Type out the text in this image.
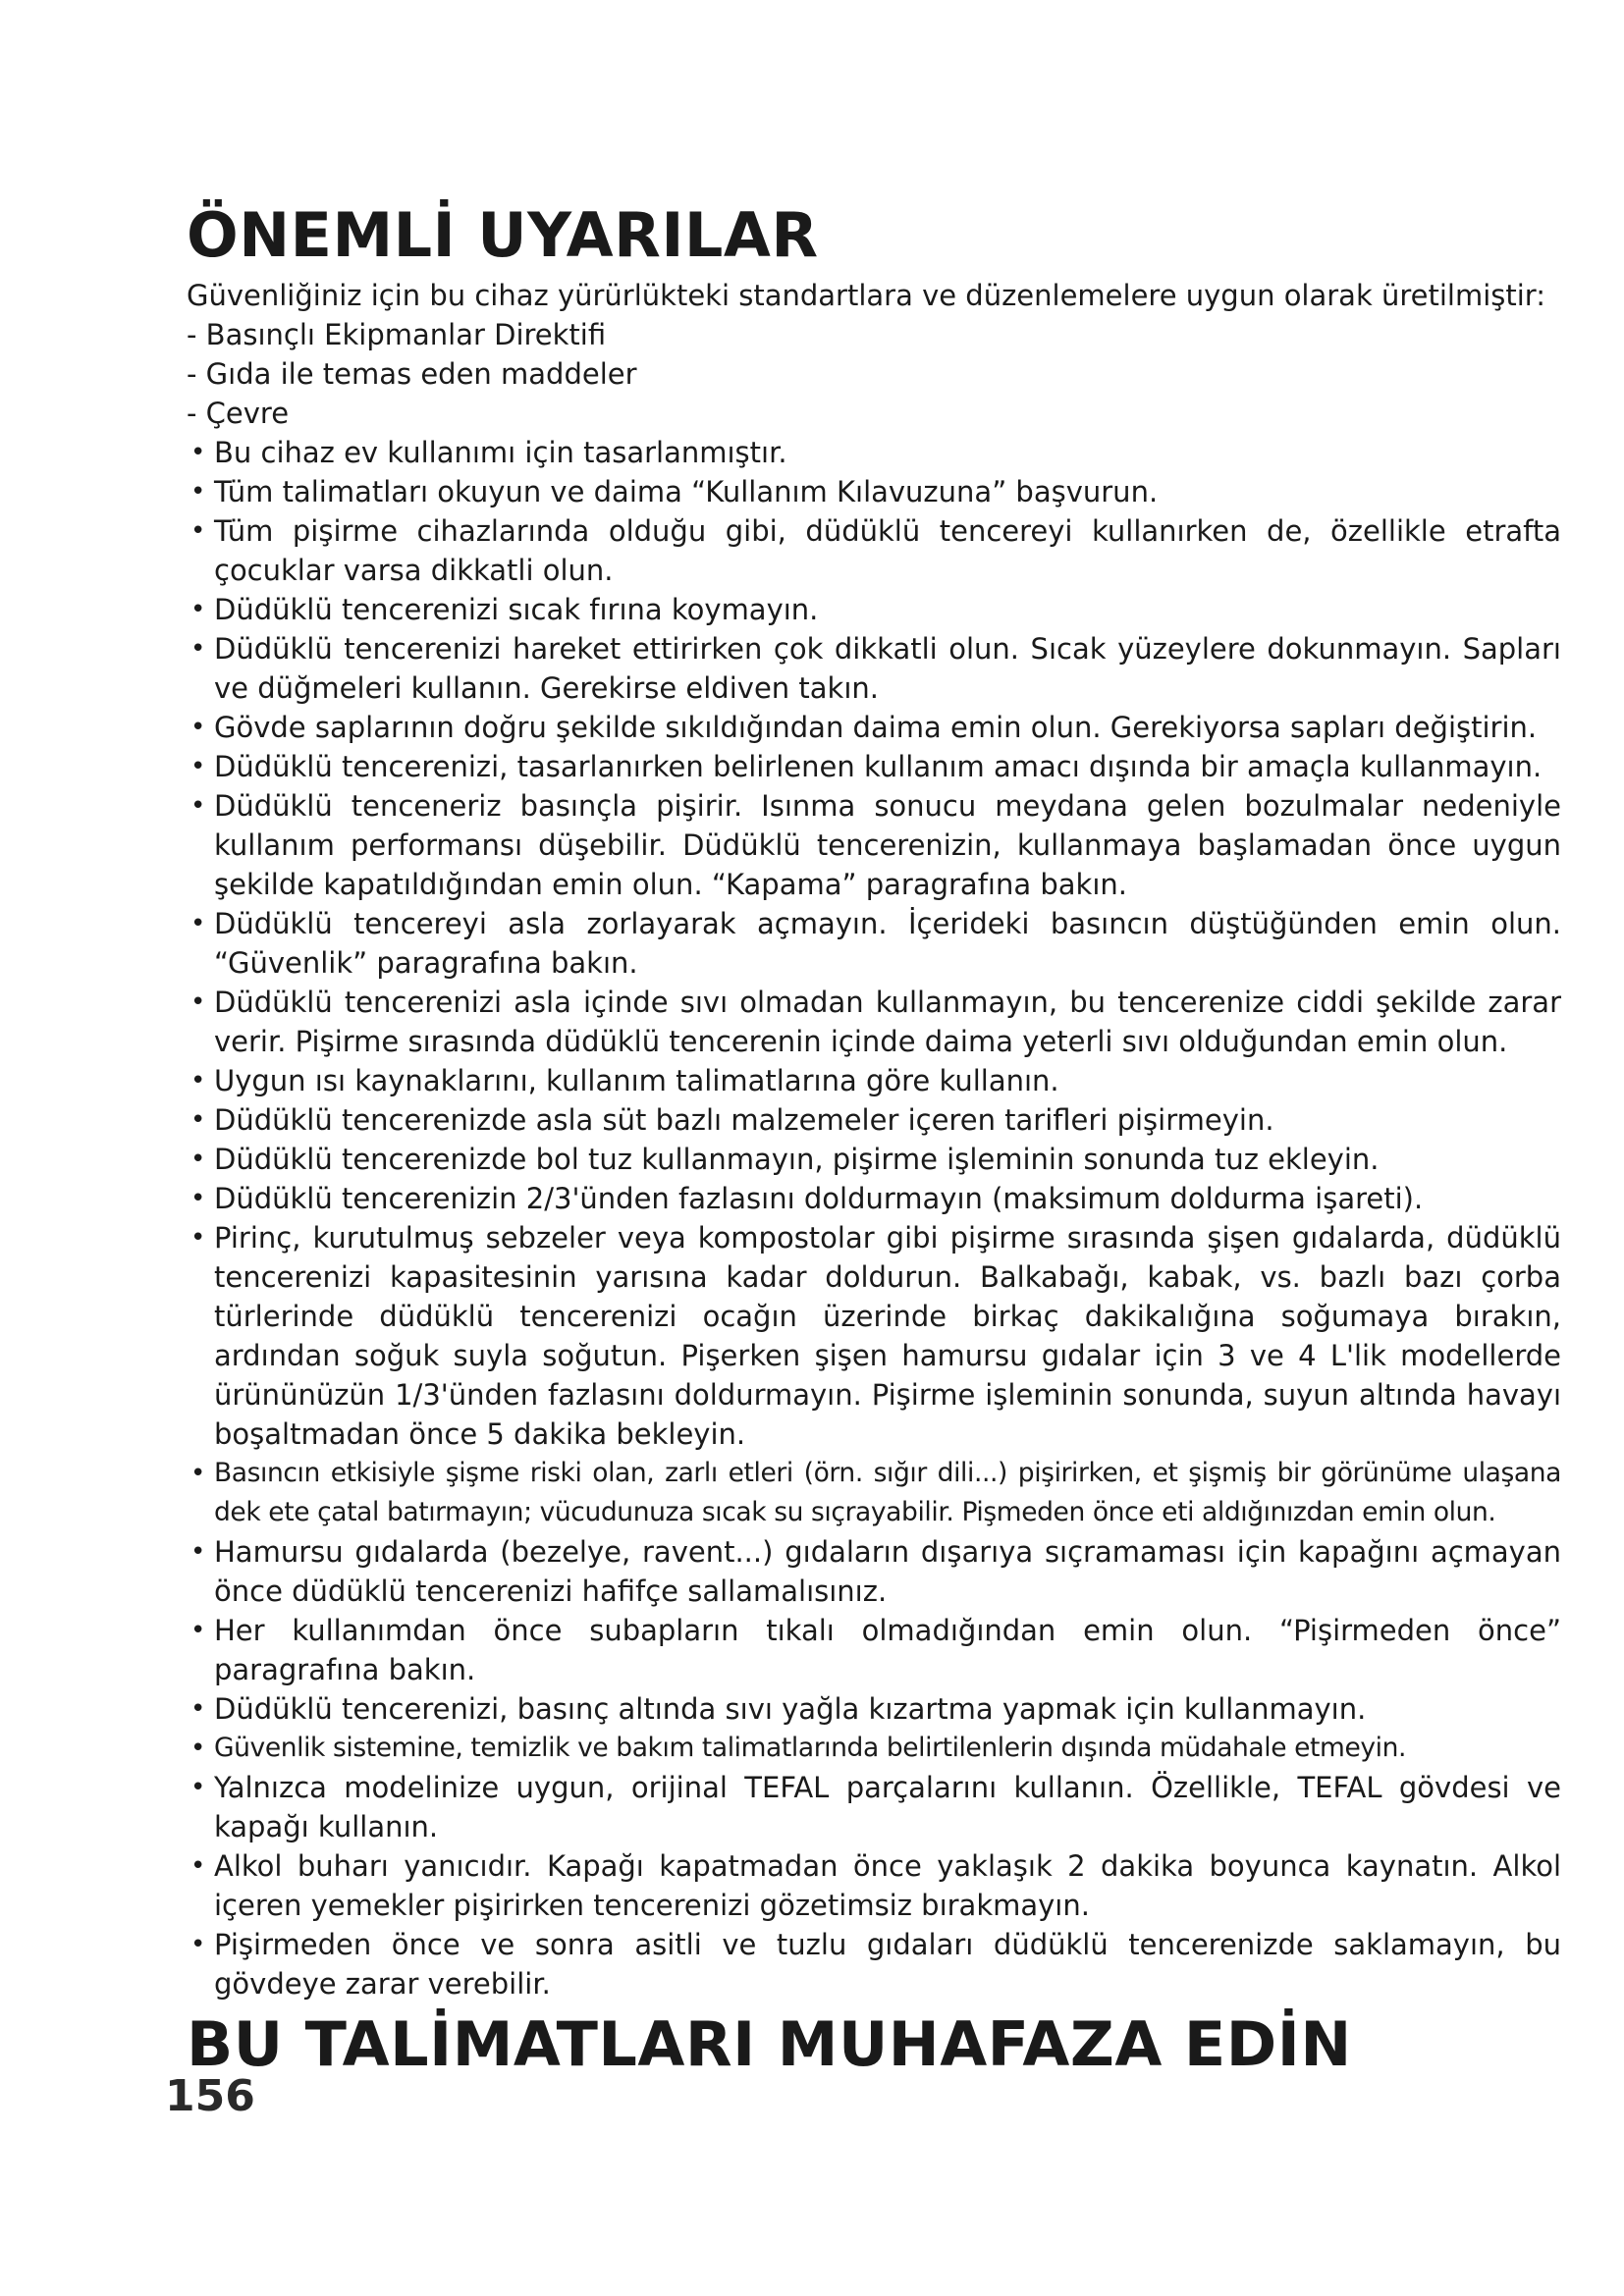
ÖNEMLİ UYARILAR

Güvenliğiniz için bu cihaz yürürlükteki standartlara ve düzenlemelere uygun olarak üretilmiştir:

- Basınçlı Ekipmanlar Direktifi
- Gıda ile temas eden maddeler
- Çevre
• Bu cihaz ev kullanımı için tasarlanmıştır.
• Tüm talimatları okuyun ve daima “Kullanım Kılavuzuna” başvurun.
• Tüm pişirme cihazlarında olduğu gibi, düdüklü tencereyi kullanırken de, özellikle etrafta çocuklar varsa dikkatli olun.
• Düdüklü tencerenizi sıcak fırına koymayın.
• Düdüklü tencerenizi hareket ettirirken çok dikkatli olun. Sıcak yüzeylere dokunmayın. Sapları ve düğmeleri kullanın. Gerekirse eldiven takın.
• Gövde saplarının doğru şekilde sıkıldığından daima emin olun. Gerekiyorsa sapları değiştirin.
• Düdüklü tencerenizi, tasarlanırken belirlenen kullanım amacı dışında bir amaçla kullanmayın.
• Düdüklü tenceneriz basınçla pişirir. Isınma sonucu meydana gelen bozulmalar nedeniyle kullanım performansı düşebilir. Düdüklü tencerenizin, kullanmaya başlamadan önce uygun şekilde kapatıldığından emin olun. “Kapama” paragrafına bakın.
• Düdüklü tencereyi asla zorlayarak açmayın. İçerideki basıncın düştüğünden emin olun. “Güvenlik” paragrafına bakın.
• Düdüklü tencerenizi asla içinde sıvı olmadan kullanmayın, bu tencerenize ciddi şekilde zarar verir. Pişirme sırasında düdüklü tencerenin içinde daima yeterli sıvı olduğundan emin olun.
• Uygun ısı kaynaklarını, kullanım talimatlarına göre kullanın.
• Düdüklü tencerenizde asla süt bazlı malzemeler içeren tarifleri pişirmeyin.
• Düdüklü tencerenizde bol tuz kullanmayın, pişirme işleminin sonunda tuz ekleyin.
• Düdüklü tencerenizin 2/3'ünden fazlasını doldurmayın (maksimum doldurma işareti).
• Pirinç, kurutulmuş sebzeler veya kompostolar gibi pişirme sırasında şişen gıdalarda, düdüklü tencerenizi kapasitesinin yarısına kadar doldurun. Balkabağı, kabak, vs. bazlı bazı çorba türlerinde düdüklü tencerenizi ocağın üzerinde birkaç dakikalığına soğumaya bırakın, ardından soğuk suyla soğutun. Pişerken şişen hamursu gıdalar için 3 ve 4 L'lik modellerde ürününüzün 1/3'ünden fazlasını doldurmayın. Pişirme işleminin sonunda, suyun altında havayı boşaltmadan önce 5 dakika bekleyin.
• Basıncın etkisiyle şişme riski olan, zarlı etleri (örn. sığır dili...) pişirirken, et şişmiş bir görünüme ulaşana dek ete çatal batırmayın; vücudunuza sıcak su sıçrayabilir. Pişmeden önce eti aldığınızdan emin olun.
• Hamursu gıdalarda (bezelye, ravent...) gıdaların dışarıya sıçramaması için kapağını açmayan önce düdüklü tencerenizi hafifçe sallamalısınız.
• Her kullanımdan önce subapların tıkalı olmadığından emin olun. “Pişirmeden önce” paragrafına bakın.
• Düdüklü tencerenizi, basınç altında sıvı yağla kızartma yapmak için kullanmayın.
• Güvenlik sistemine, temizlik ve bakım talimatlarında belirtilenlerin dışında müdahale etmeyin.
• Yalnızca modelinize uygun, orijinal TEFAL parçalarını kullanın. Özellikle, TEFAL gövdesi ve kapağı kullanın.
• Alkol buharı yanıcıdır. Kapağı kapatmadan önce yaklaşık 2 dakika boyunca kaynatın. Alkol içeren yemekler pişirirken tencerenizi gözetimsiz bırakmayın.
• Pişirmeden önce ve sonra asitli ve tuzlu gıdaları düdüklü tencerenizde saklamayın, bu gövdeye zarar verebilir.
BU TALİMATLARI MUHAFAZA EDİN
156
